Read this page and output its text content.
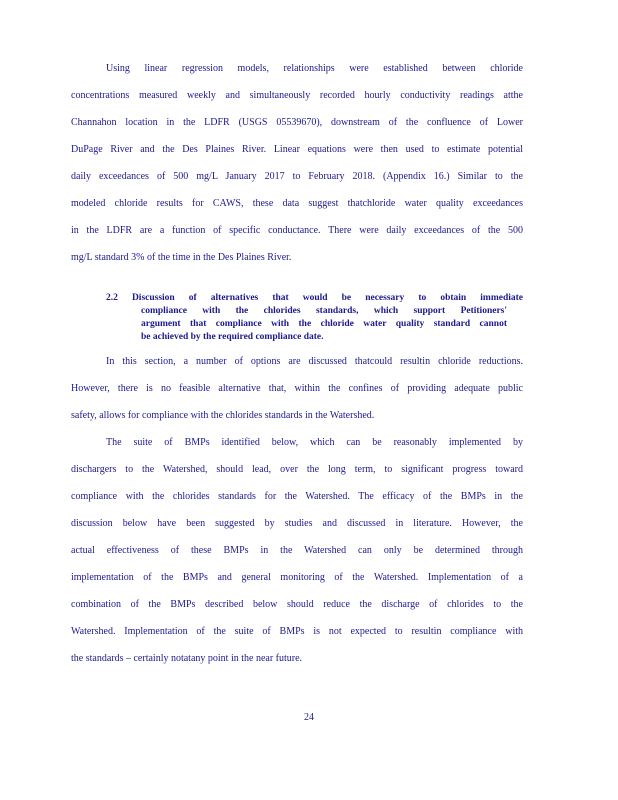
Using linear regression models, relationships were established between chloride
concentrations measured weekly and simultaneously recorded hourly conductivity readings atthe
Channahon location in the LDFR (USGS 05539670), downstream of the confluence of Lower
DuPage River and the Des Plaines River. Linear equations were then used to estimate potential
daily exceedances of 500 mg/L January 2017 to February 2018. (Appendix 16.) Similar to the
modeled chloride results for CAWS, these data suggest thatchloride water quality exceedances
in the LDFR are a function of specific conductance. There were daily exceedances of the 500
mg/L standard 3% of the time in the Des Plaines River.
2.2 Discussion of alternatives that would be necessary to obtain immediate
compliance with the chlorides standards, which support Petitioners'
argument that compliance with the chloride water quality standard cannot
be achieved by the required compliance date.
In this section, a number of options are discussed thatcould resultin chloride reductions.
However, there is no feasible alternative that, within the confines of providing adequate public
safety, allows for compliance with the chlorides standards in the Watershed.
The suite of BMPs identified below, which can be reasonably implemented by
dischargers to the Watershed, should lead, over the long term, to significant progress toward
compliance with the chlorides standards for the Watershed. The efficacy of the BMPs in the
discussion below have been suggested by studies and discussed in literature. However, the
actual effectiveness of these BMPs in the Watershed can only be determined through
implementation of the BMPs and general monitoring of the Watershed. Implementation of a
combination of the BMPs described below should reduce the discharge of chlorides to the
Watershed. Implementation of the suite of BMPs is not expected to resultin compliance with
the standards – certainly notatany point in the near future.
24
